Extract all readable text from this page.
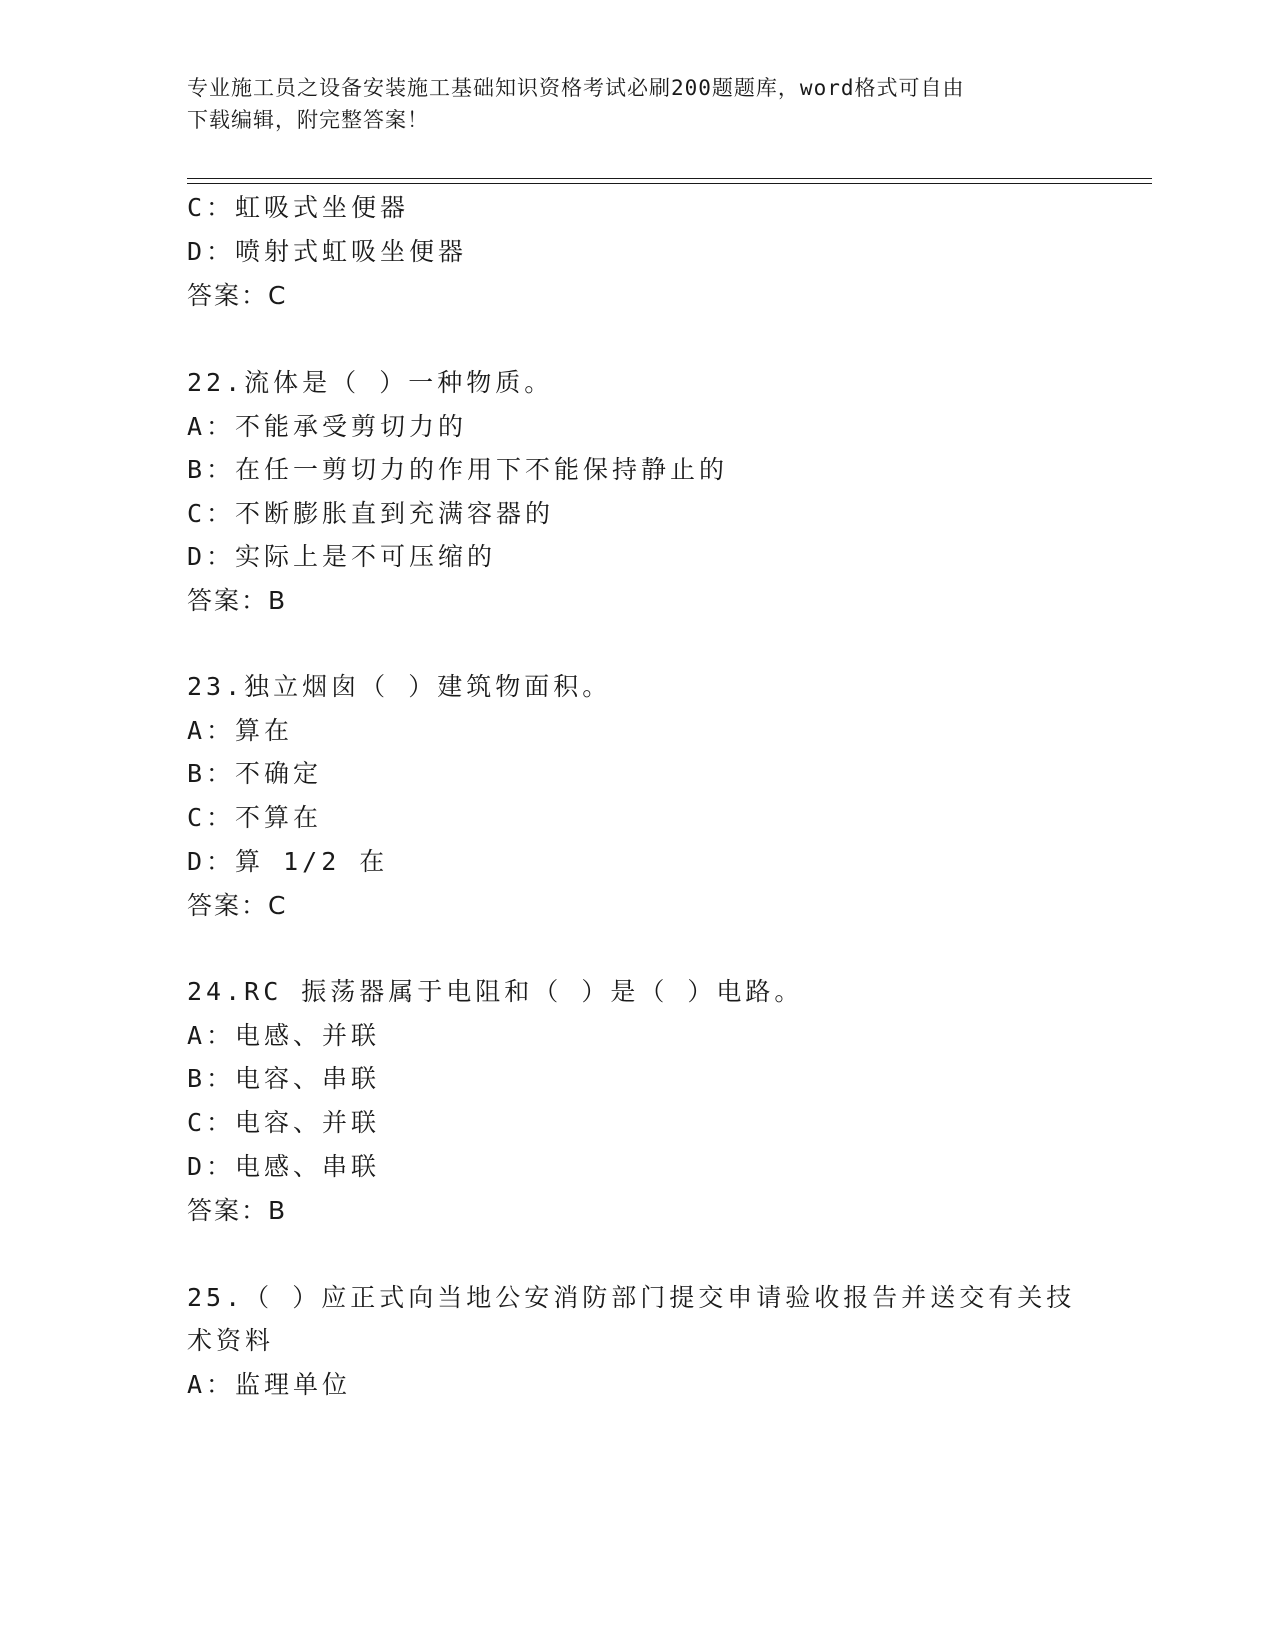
专业施工员之设备安装施工基础知识资格考试必刷200题题库，word格式可自由
下载编辑，附完整答案！
C：虹吸式坐便器
D：喷射式虹吸坐便器
答案：C
22.流体是（ ）一种物质。
A：不能承受剪切力的
B：在任一剪切力的作用下不能保持静止的
C：不断膨胀直到充满容器的
D：实际上是不可压缩的
答案：B
23.独立烟囱（ ）建筑物面积。
A：算在
B：不确定
C：不算在
D：算 1/2 在
答案：C
24.RC 振荡器属于电阻和（ ）是（ ）电路。
A：电感、并联
B：电容、串联
C：电容、并联
D：电感、串联
答案：B
25.（ ）应正式向当地公安消防部门提交申请验收报告并送交有关技
术资料
A：监理单位
